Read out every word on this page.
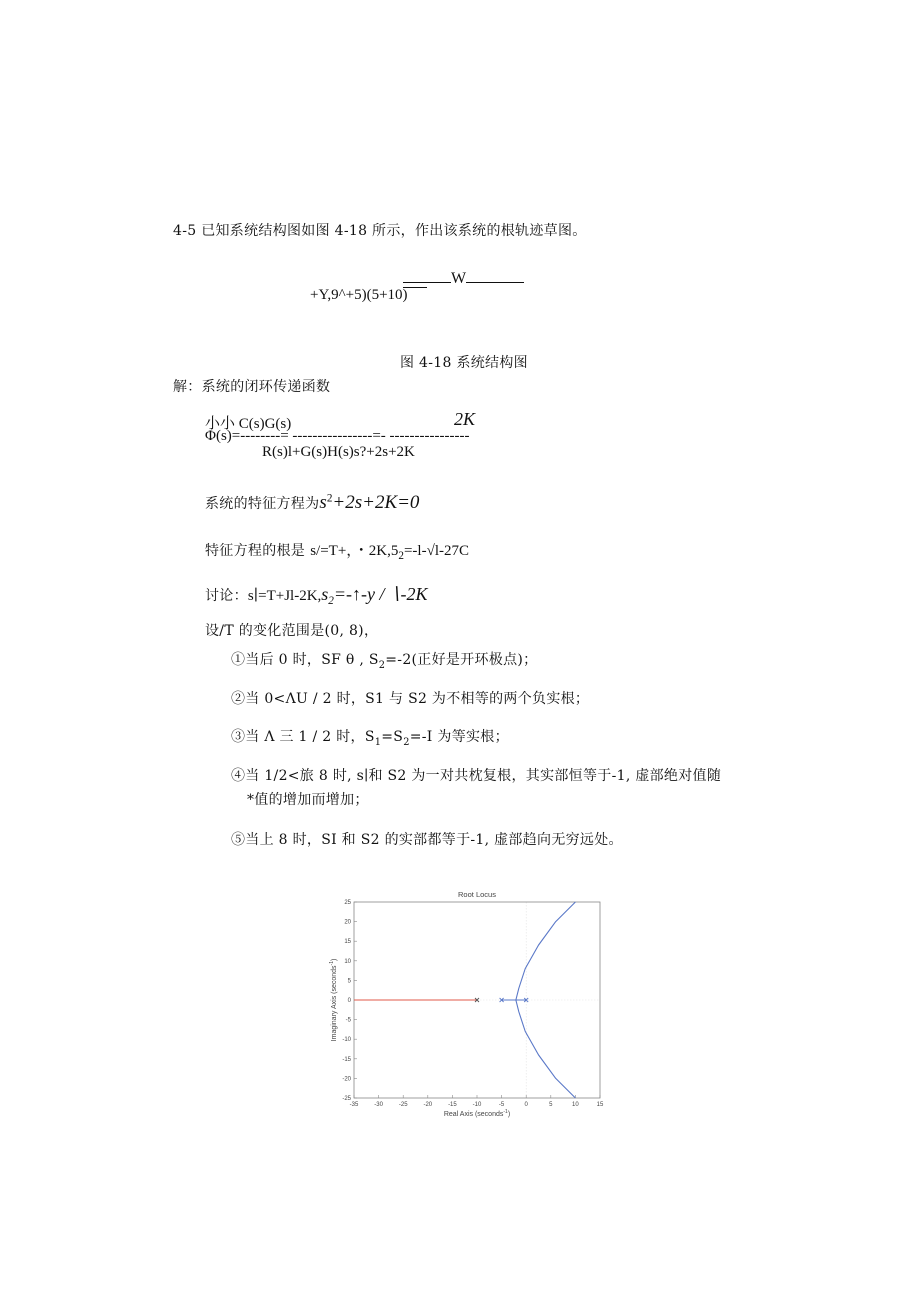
4-5 已知系统结构图如图 4-18 所示，作出该系统的根轨迹草图。
W
+Y,9^+5)(5+10)
图 4-18 系统结构图
解：系统的闭环传递函数
小小 C(s)G(s)	2K
Φ(s)=--------= ----------------=- ----------------
R(s)l+G(s)H(s)s?+2s+2K
系统的特征方程为$s^2+2s+2K=0$
特征方程的根是 s/=T+，・$2K,5_2=-l-√l-27C$
讨论：$s∣=T+Jl-2K,s_2=-↑-y$ / ∖-2K
设/T 的变化范围是(0, 8)，
①当后 0 时，SF θ , $S_2=-2$(正好是开环极点)；
②当 0<ΛU / 2 时，S1 与 S2 为不相等的两个负实根；
③当 Λ 三 1 / 2 时，$S_1=S_2=-I$ 为等实根；
④当 1/2<旅 8 时, s∣和 S2 为一对共枕复根，其实部恒等于-1, 虚部绝对值随
*值的增加而增加；
⑤当上 8 时，SI 和 S2 的实部都等于-1, 虚部趋向无穷远处。
-35	-30	-25	-20	-15	-10	-5	0	5	10	15
-25
-20
-15
-10
-5
0
5
10
15
20
25
Root Locus
Real Axis (seconds$^{-1}$)
Imaginary Axis (seconds$^{-1}$)
